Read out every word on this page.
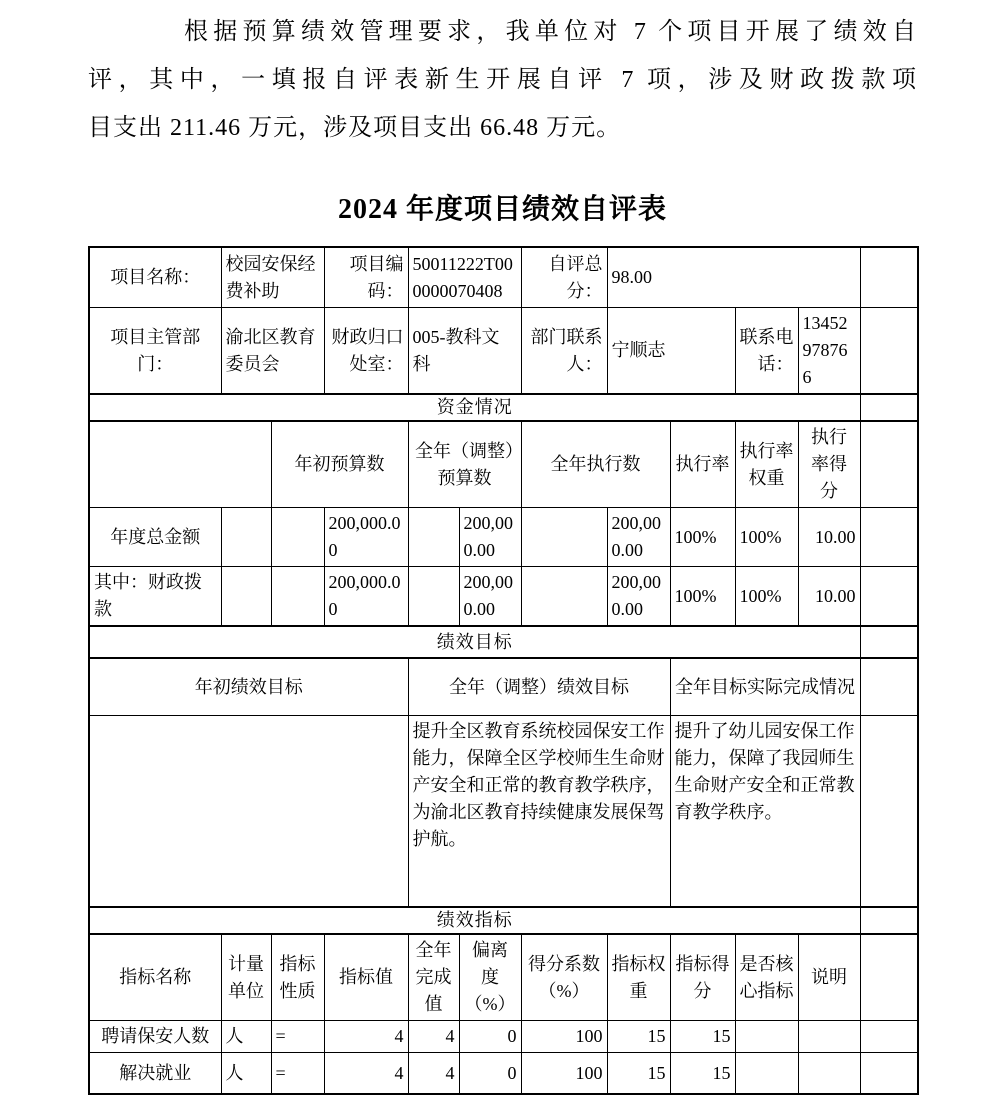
根据预算绩效管理要求，我单位对 7 个项目开展了绩效自
评，其中，一填报自评表新生开展自评 7 项，涉及财政拨款项
目支出 211.46 万元，涉及项目支出 66.48 万元。
2024 年度项目绩效自评表
项目名称：	校园安保经费补助		项目编码：	50011222T000000070408		自评总分：	98.00				
项目主管部门：	渝北区教育委员会		财政归口处室：	005-教科文科		部门联系人：	宁顺志		联系电话：	13452978766	
资金情况											
		年初预算数		全年（调整）预算数		全年执行数		执行率	执行率权重	执行率得分	
年度总金额			200,000.00		200,000.00		200,000.00	100%	100%	10.00	
其中：财政拨款			200,000.00		200,000.00		200,000.00	100%	100%	10.00	
绩效目标											
年初绩效目标				全年（调整）绩效目标				全年目标实际完成情况			
				提升全区教育系统校园保安工作能力，保障全区学校师生生命财产安全和正常的教育教学秩序，为渝北区教育持续健康发展保驾护航。				提升了幼儿园安保工作能力，保障了我园师生生命财产安全和正常教育教学秩序。			
绩效指标											
指标名称	计量单位	指标性质	指标值	全年完成值	偏离度（%）	得分系数（%）	指标权重	指标得分	是否核心指标	说明	
聘请保安人数	人	=	4	4	0	100	15	15			
解决就业	人	=	4	4	0	100	15	15			
